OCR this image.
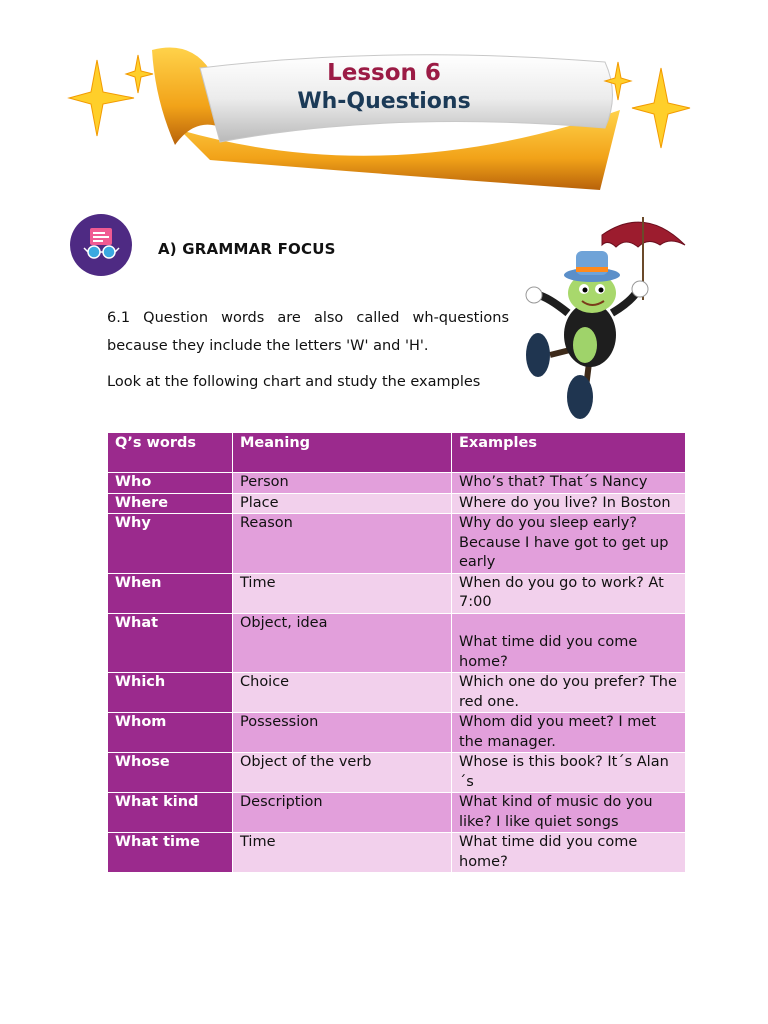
Lesson 6
Wh-Questions
A) GRAMMAR FOCUS
6.1 Question words are also called wh-questions because they include the letters 'W' and 'H'.
Look at the following chart and study the examples
Q’s words	Meaning	Examples
Who	Person	Who’s that? That´s Nancy
Where	Place	Where do you live? In Boston
Why	Reason	Why do you sleep early? Because I have got to get up early
When	Time	When do you go to work? At 7:00
What	Object, idea	What time did you come home?
Which	Choice	Which one do you prefer? The red one.
Whom	Possession	Whom did you meet? I met the manager.
Whose	Object of the verb	Whose is this book? It´s Alan ´s
What kind	Description	What kind of music do you like? I like quiet songs
What time	Time	What time did you come home?
